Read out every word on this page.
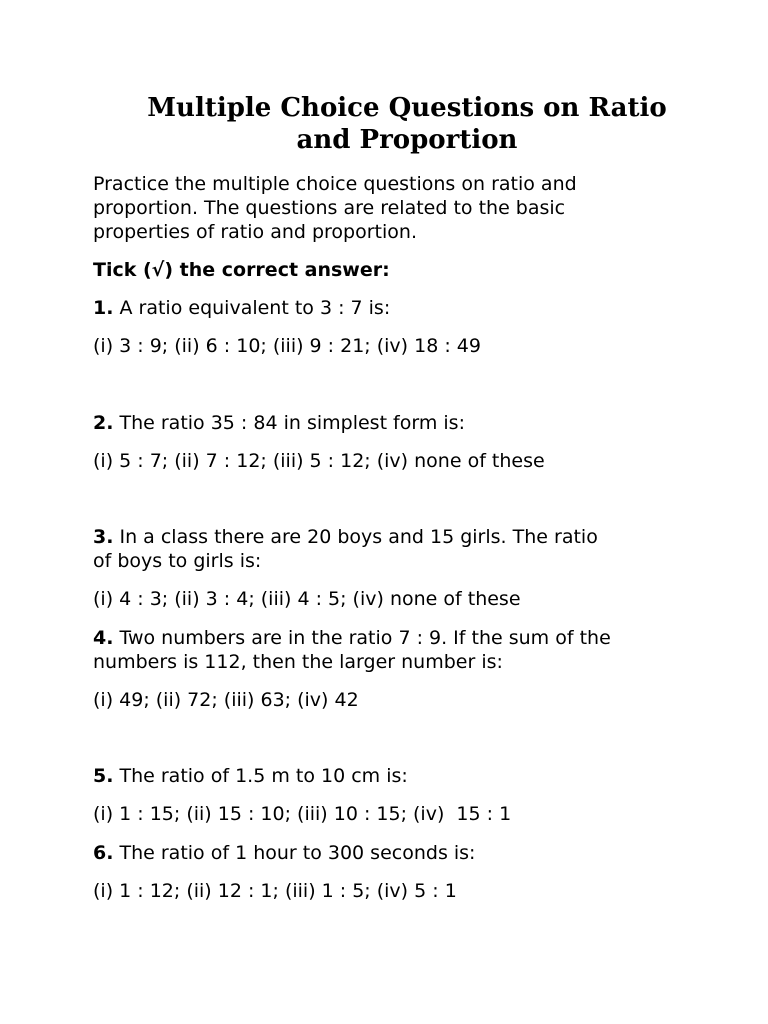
Multiple Choice Questions on Ratio
and Proportion

Practice the multiple choice questions on ratio and

proportion. The questions are related to the basic

properties of ratio and proportion.

Tick (√) the correct answer:

1. A ratio equivalent to 3 : 7 is:

(i) 3 : 9; (ii) 6 : 10; (iii) 9 : 21; (iv) 18 : 49

2. The ratio 35 : 84 in simplest form is:

(i) 5 : 7; (ii) 7 : 12; (iii) 5 : 12; (iv) none of these

3. In a class there are 20 boys and 15 girls. The ratio

of boys to girls is:

(i) 4 : 3; (ii) 3 : 4; (iii) 4 : 5; (iv) none of these

4. Two numbers are in the ratio 7 : 9. If the sum of the

numbers is 112, then the larger number is:

(i) 49; (ii) 72; (iii) 63; (iv) 42

5. The ratio of 1.5 m to 10 cm is:

(i) 1 : 15; (ii) 15 : 10; (iii) 10 : 15; (iv)  15 : 1

6. The ratio of 1 hour to 300 seconds is:

(i) 1 : 12; (ii) 12 : 1; (iii) 1 : 5; (iv) 5 : 1
